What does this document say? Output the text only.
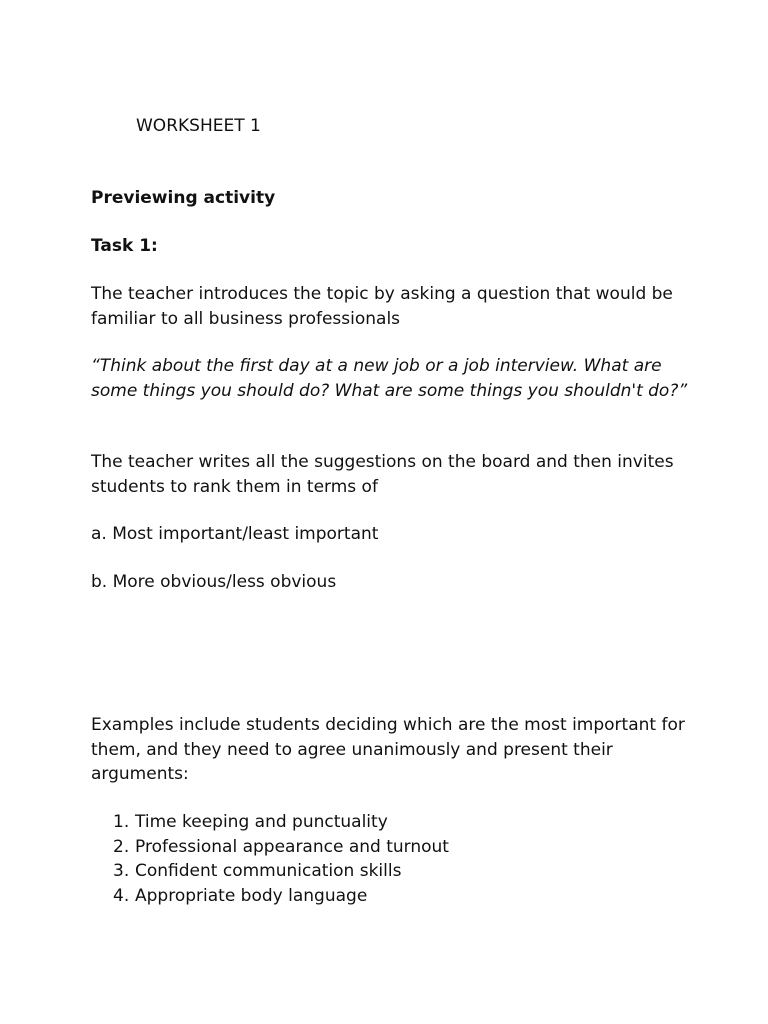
WORKSHEET 1

Previewing activity

Task 1:

The teacher introduces the topic by asking a question that would be familiar to all business professionals

“Think about the first day at a new job or a job interview. What are some things you should do? What are some things you shouldn't do?”

The teacher writes all the suggestions on the board and then invites students to rank them in terms of

a. Most important/least important

b. More obvious/less obvious

Examples include students deciding which are the most important for them, and they need to agree unanimously and present their arguments:

1. Time keeping and punctuality
2. Professional appearance and turnout
3. Confident communication skills
4. Appropriate body language
